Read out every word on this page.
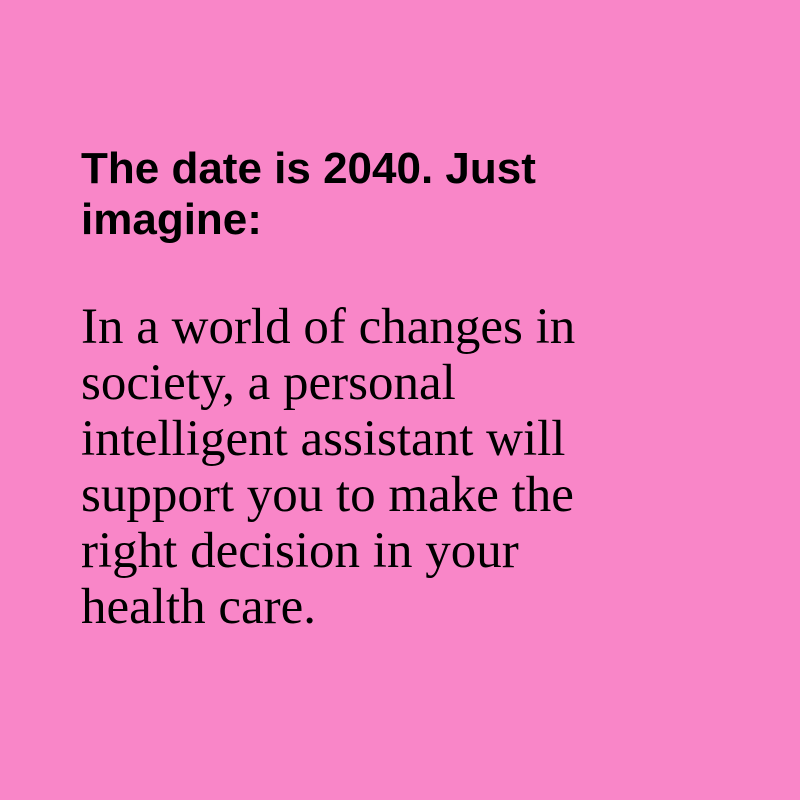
The date is 2040. Just
imagine:

In a world of changes in
society, a personal
intelligent assistant will
support you to make the
right decision in your
health care.
